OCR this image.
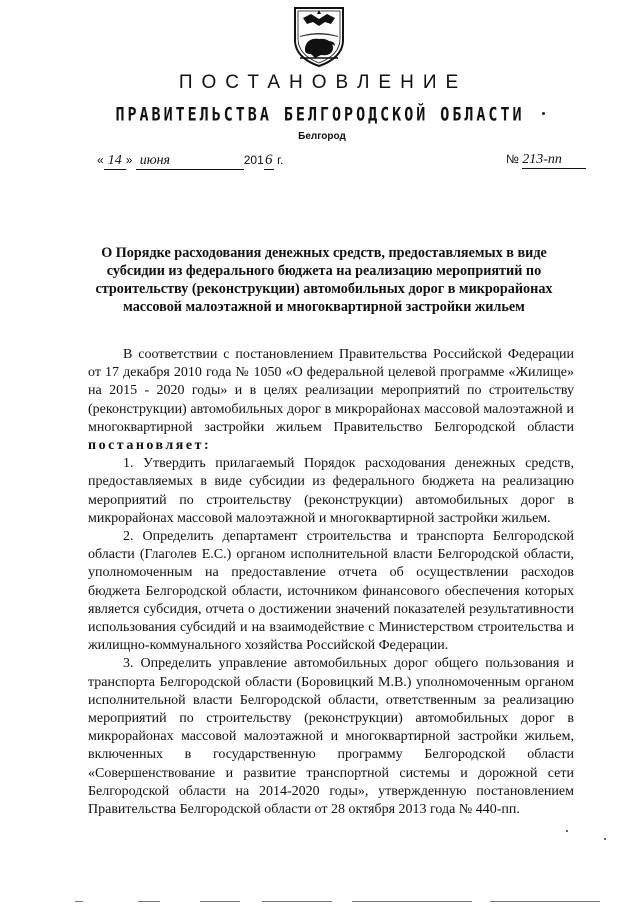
ПОСТАНОВЛЕНИЕ
ПРАВИТЕЛЬСТВА БЕЛГОРОДСКОЙ ОБЛАСТИ
Белгород
« 14 » июня	2016 г.	№ 213-пп
О Порядке расходования денежных средств, предоставляемых в виде субсидии из федерального бюджета на реализацию мероприятий по строительству (реконструкции) автомобильных дорог в микрорайонах массовой малоэтажной и многоквартирной застройки жильем

В соответствии с постановлением Правительства Российской Федерации от 17 декабря 2010 года № 1050 «О федеральной целевой программе «Жилище» на 2015 - 2020 годы» и в целях реализации мероприятий по строительству (реконструкции) автомобильных дорог в микрорайонах массовой малоэтажной и многоквартирной застройки жильем Правительство Белгородской области постановляет:

1. Утвердить прилагаемый Порядок расходования денежных средств, предоставляемых в виде субсидии из федерального бюджета на реализацию мероприятий по строительству (реконструкции) автомобильных дорог в микрорайонах массовой малоэтажной и многоквартирной застройки жильем.

2. Определить департамент строительства и транспорта Белгородской области (Глаголев Е.С.) органом исполнительной власти Белгородской области, уполномоченным на предоставление отчета об осуществлении расходов бюджета Белгородской области, источником финансового обеспечения которых является субсидия, отчета о достижении значений показателей результативности использования субсидий и на взаимодействие с Министерством строительства и жилищно-коммунального хозяйства Российской Федерации.

3. Определить управление автомобильных дорог общего пользования и транспорта Белгородской области (Боровицкий М.В.) уполномоченным органом исполнительной власти Белгородской области, ответственным за реализацию мероприятий по строительству (реконструкции) автомобильных дорог в микрорайонах массовой малоэтажной и многоквартирной застройки жильем, включенных в государственную программу Белгородской области «Совершенствование и развитие транспортной системы и дорожной сети Белгородской области на 2014-2020 годы», утвержденную постановлением Правительства Белгородской области от 28 октября 2013 года № 440-пп.
